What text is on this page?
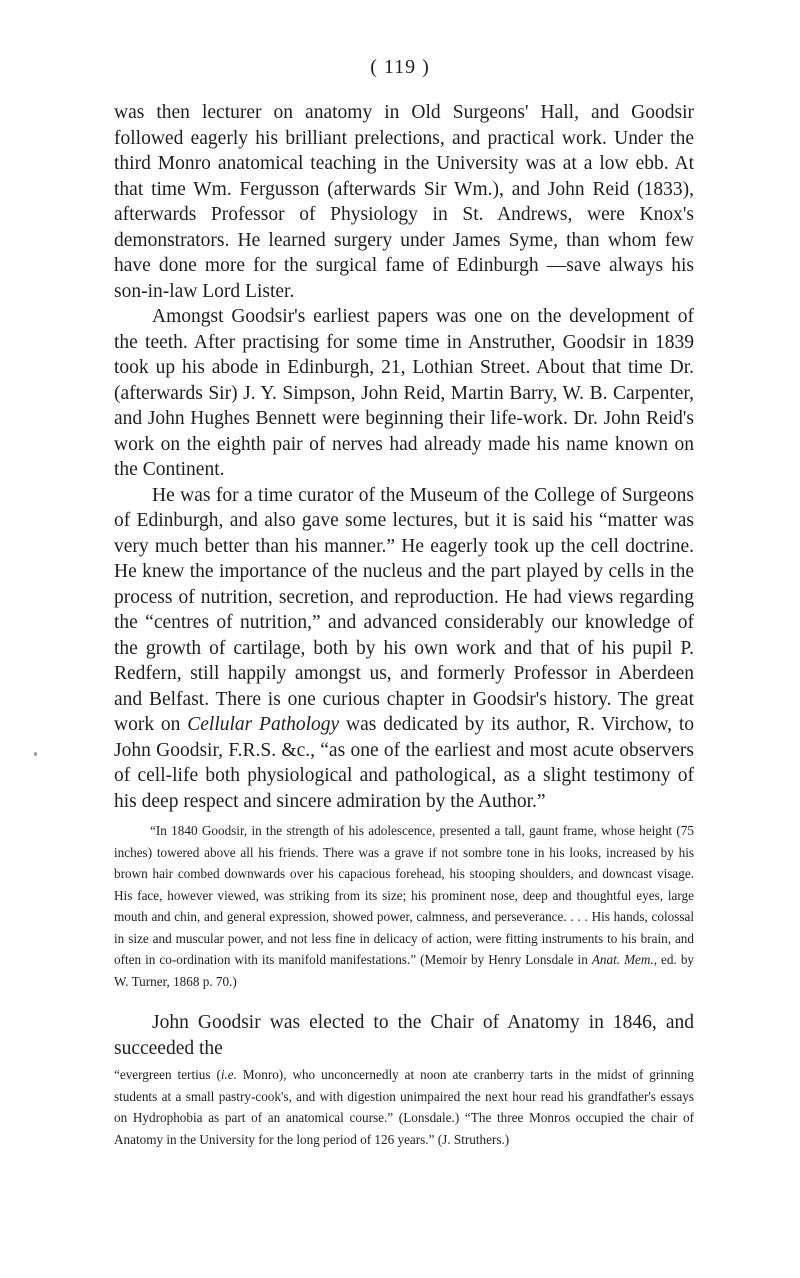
( 119 )

was then lecturer on anatomy in Old Surgeons' Hall, and Goodsir followed eagerly his brilliant prelections, and practical work. Under the third Monro anatomical teaching in the University was at a low ebb. At that time Wm. Fergusson (afterwards Sir Wm.), and John Reid (1833), afterwards Professor of Physiology in St. Andrews, were Knox's demonstrators. He learned surgery under James Syme, than whom few have done more for the surgical fame of Edinburgh —save always his son-in-law Lord Lister.

Amongst Goodsir's earliest papers was one on the development of the teeth. After practising for some time in Anstruther, Goodsir in 1839 took up his abode in Edinburgh, 21, Lothian Street. About that time Dr. (afterwards Sir) J. Y. Simpson, John Reid, Martin Barry, W. B. Carpenter, and John Hughes Bennett were beginning their life-work. Dr. John Reid's work on the eighth pair of nerves had already made his name known on the Continent.

He was for a time curator of the Museum of the College of Surgeons of Edinburgh, and also gave some lectures, but it is said his “matter was very much better than his manner.” He eagerly took up the cell doctrine. He knew the importance of the nucleus and the part played by cells in the process of nutrition, secretion, and reproduction. He had views regarding the “centres of nutrition,” and advanced considerably our knowledge of the growth of cartilage, both by his own work and that of his pupil P. Redfern, still happily amongst us, and formerly Professor in Aberdeen and Belfast. There is one curious chapter in Goodsir's history. The great work on Cellular Pathology was dedicated by its author, R. Virchow, to John Goodsir, F.R.S. &c., “as one of the earliest and most acute observers of cell-life both physiological and pathological, as a slight testimony of his deep respect and sincere admiration by the Author.”

“In 1840 Goodsir, in the strength of his adolescence, presented a tall, gaunt frame, whose height (75 inches) towered above all his friends. There was a grave if not sombre tone in his looks, increased by his brown hair combed downwards over his capacious forehead, his stooping shoulders, and downcast visage. His face, however viewed, was striking from its size; his prominent nose, deep and thoughtful eyes, large mouth and chin, and general expression, showed power, calmness, and perseverance. . . . His hands, colossal in size and muscular power, and not less fine in delicacy of action, were fitting instruments to his brain, and often in co-ordination with its manifold manifestations.” (Memoir by Henry Lonsdale in Anat. Mem., ed. by W. Turner, 1868 p. 70.)

John Goodsir was elected to the Chair of Anatomy in 1846, and succeeded the

“evergreen tertius (i.e. Monro), who unconcernedly at noon ate cranberry tarts in the midst of grinning students at a small pastry-cook's, and with digestion unimpaired the next hour read his grandfather's essays on Hydrophobia as part of an anatomical course.” (Lonsdale.) “The three Monros occupied the chair of Anatomy in the University for the long period of 126 years.” (J. Struthers.)
